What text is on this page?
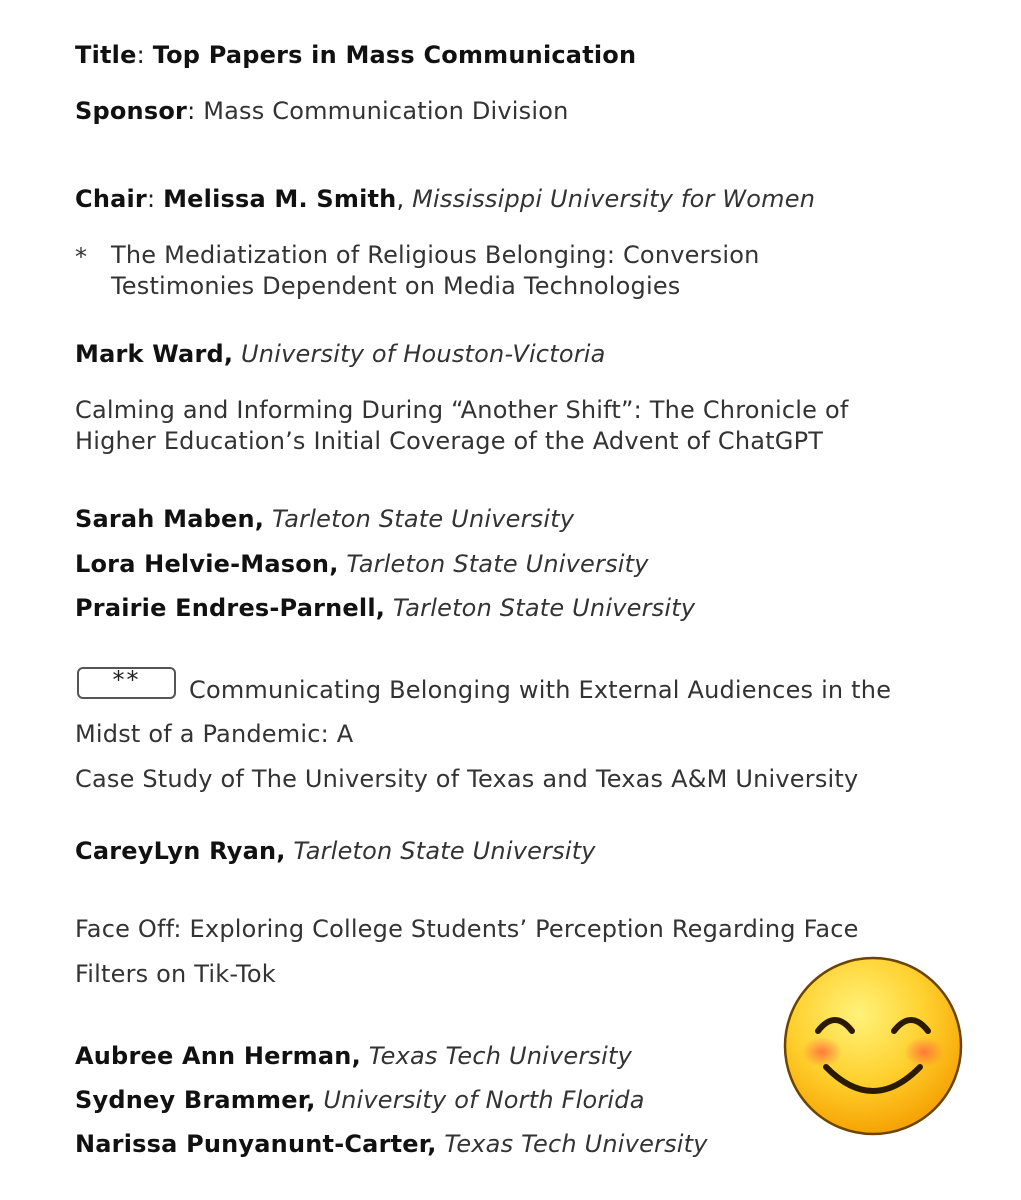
Title: Top Papers in Mass Communication
Sponsor: Mass Communication Division
Chair: Melissa M. Smith, Mississippi University for Women
* The Mediatization of Religious Belonging: Conversion
Testimonies Dependent on Media Technologies
Mark Ward, University of Houston-Victoria
Calming and Informing During “Another Shift”: The Chronicle of
Higher Education’s Initial Coverage of the Advent of ChatGPT
Sarah Maben, Tarleton State University
Lora Helvie-Mason, Tarleton State University
Prairie Endres-Parnell, Tarleton State University
**	Communicating Belonging with External Audiences in the
Midst of a Pandemic: A
Case Study of The University of Texas and Texas A&M University
CareyLyn Ryan, Tarleton State University
Face Off: Exploring College Students’ Perception Regarding Face
Filters on Tik-Tok
Aubree Ann Herman, Texas Tech University
Sydney Brammer, University of North Florida
Narissa Punyanunt-Carter, Texas Tech University
